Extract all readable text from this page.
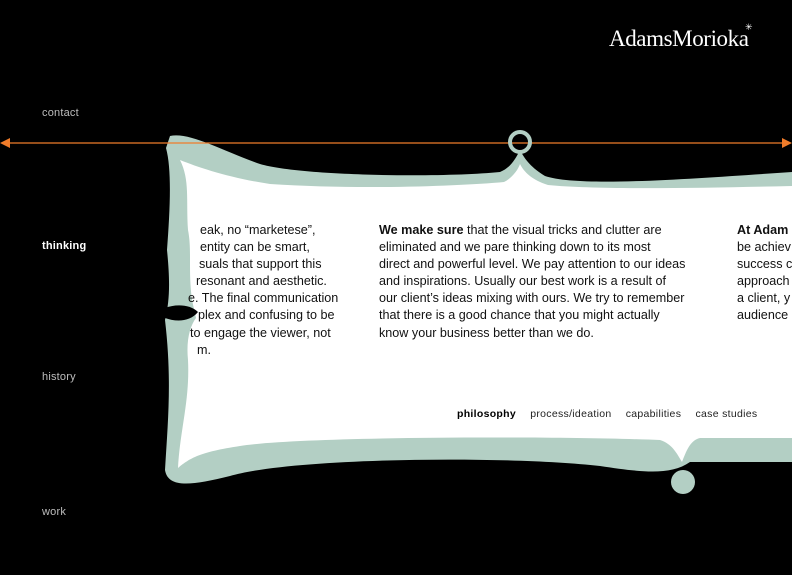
AdamsMorioka
✳
contact
thinking
history
work
eak, no “marketese”,
entity can be smart,
suals that support this
resonant and aesthetic.
e. The final communication
plex and confusing to be
to engage the viewer, not
m.
We make sure that the visual tricks and clutter are
eliminated and we pare thinking down to its most
direct and powerful level. We pay attention to our ideas
and inspirations. Usually our best work is a result of
our client’s ideas mixing with ours. We try to remember
that there is a good chance that you might actually
know your business better than we do.
At Adam
be achiev
success c
approach
a client, y
audience
philosophy process/ideation capabilities case studies
